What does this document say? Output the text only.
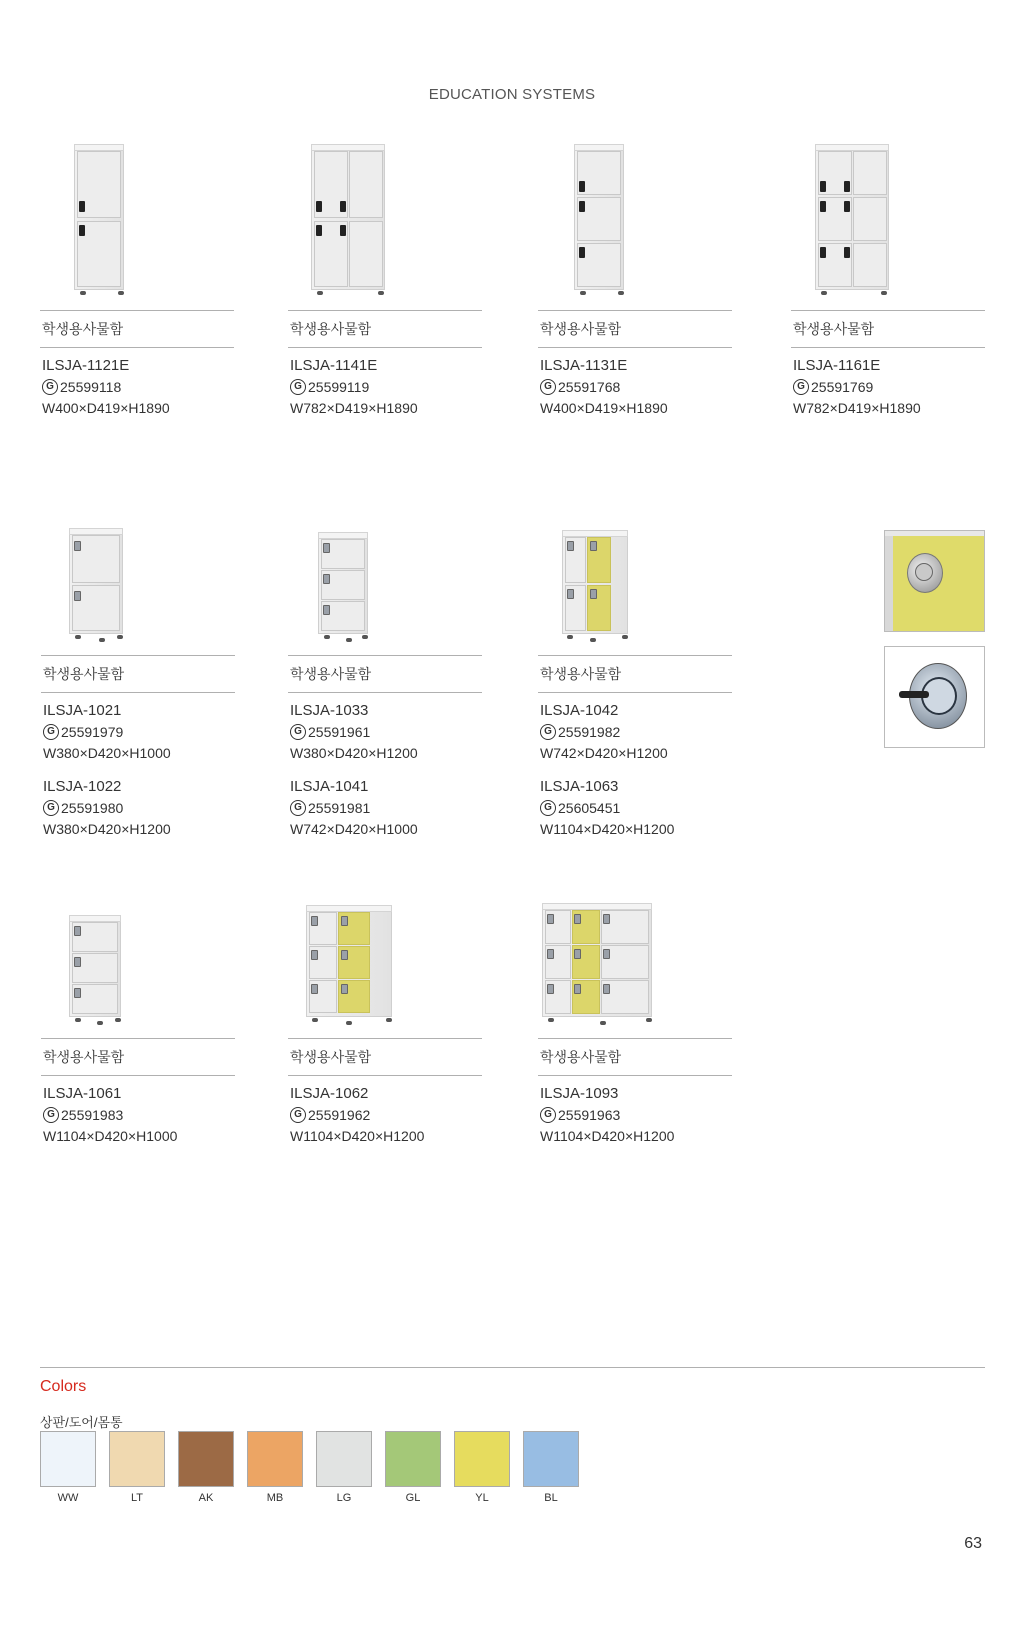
EDUCATION SYSTEMS
학생용사물함
ILSJA-1121E
G 25599118
W400×D419×H1890
학생용사물함
ILSJA-1141E
G 25599119
W782×D419×H1890
학생용사물함
ILSJA-1131E
G 25591768
W400×D419×H1890
학생용사물함
ILSJA-1161E
G 25591769
W782×D419×H1890
학생용사물함
ILSJA-1021
G 25591979
W380×D420×H1000
ILSJA-1022
G 25591980
W380×D420×H1200
학생용사물함
ILSJA-1033
G 25591961
W380×D420×H1200
ILSJA-1041
G 25591981
W742×D420×H1000
학생용사물함
ILSJA-1042
G 25591982
W742×D420×H1200
ILSJA-1063
G 25605451
W1104×D420×H1200
학생용사물함
ILSJA-1061
G 25591983
W1104×D420×H1000
학생용사물함
ILSJA-1062
G 25591962
W1104×D420×H1200
학생용사물함
ILSJA-1093
G 25591963
W1104×D420×H1200
Colors
상판/도어/몸통
WW	LT	AK	MB	LG	GL	YL	BL
63
